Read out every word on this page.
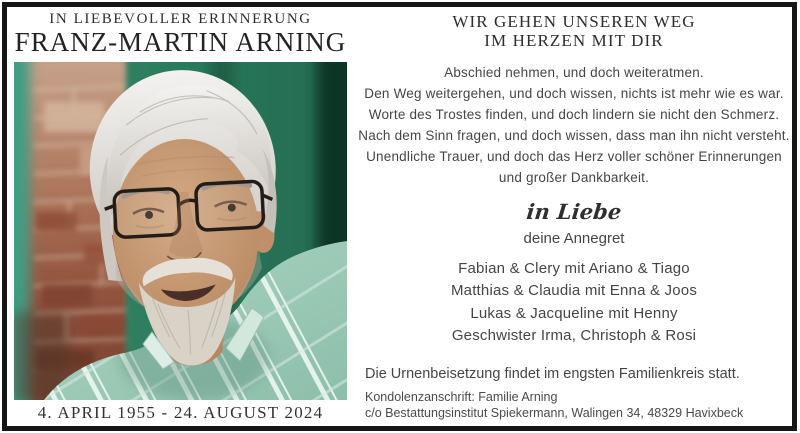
IN LIEBEVOLLER ERINNERUNG
FRANZ-MARTIN ARNING
4. APRIL 1955 - 24. AUGUST 2024
WIR GEHEN UNSEREN WEG
IM HERZEN MIT DIR
Abschied nehmen, und doch weiteratmen.
Den Weg weitergehen, und doch wissen, nichts ist mehr wie es war.
Worte des Trostes finden, und doch lindern sie nicht den Schmerz.
Nach dem Sinn fragen, und doch wissen, dass man ihn nicht versteht.
Unendliche Trauer, und doch das Herz voller schöner Erinnerungen
und großer Dankbarkeit.
in Liebe
deine Annegret
Fabian & Clery mit Ariano & Tiago
Matthias & Claudia mit Enna & Joos
Lukas & Jacqueline mit Henny
Geschwister Irma, Christoph & Rosi
Die Urnenbeisetzung findet im engsten Familienkreis statt.
Kondolenzanschrift: Familie Arning
c/o Bestattungsinstitut Spiekermann, Walingen 34, 48329 Havixbeck
